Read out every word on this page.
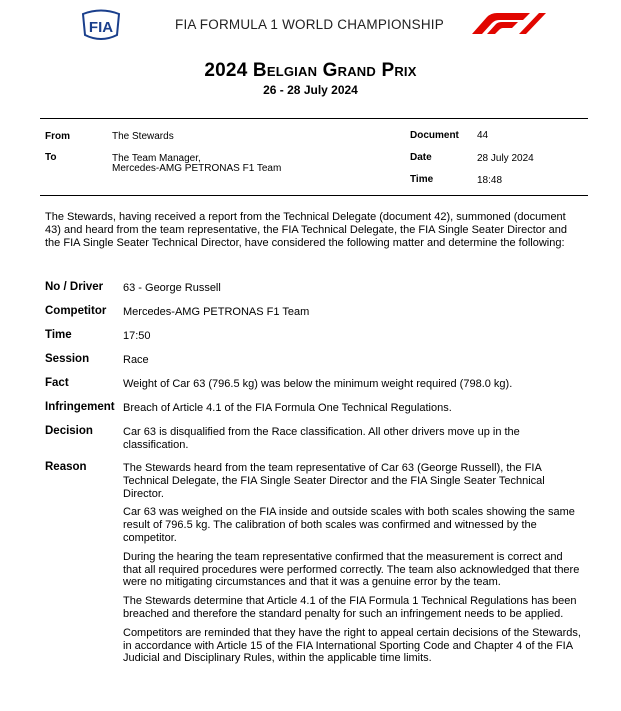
FIA	FIA FORMULA 1 WORLD CHAMPIONSHIP
2024 Belgian Grand Prix
26 - 28 July 2024
From	The Stewards
To	The Team Manager,
Mercedes-AMG PETRONAS F1 Team
Document 44
Date	28 July 2024
Time	18:48
The Stewards, having received a report from the Technical Delegate (document 42), summoned (document 43) and heard from the team representative, the FIA Technical Delegate, the FIA Single Seater Director and the FIA Single Seater Technical Director, have considered the following matter and determine the following:
No / Driver 63 - George Russell
Competitor Mercedes-AMG PETRONAS F1 Team
Time	17:50
Session	Race
Fact	Weight of Car 63 (796.5 kg) was below the minimum weight required (798.0 kg).
Infringement Breach of Article 4.1 of the FIA Formula One Technical Regulations.
Decision	Car 63 is disqualified from the Race classification. All other drivers move up in the classification.
Reason	The Stewards heard from the team representative of Car 63 (George Russell), the FIA Technical Delegate, the FIA Single Seater Director and the FIA Single Seater Technical Director.

Car 63 was weighed on the FIA inside and outside scales with both scales showing the same result of 796.5 kg. The calibration of both scales was confirmed and witnessed by the competitor.

During the hearing the team representative confirmed that the measurement is correct and that all required procedures were performed correctly. The team also acknowledged that there were no mitigating circumstances and that it was a genuine error by the team.

The Stewards determine that Article 4.1 of the FIA Formula 1 Technical Regulations has been breached and therefore the standard penalty for such an infringement needs to be applied.

Competitors are reminded that they have the right to appeal certain decisions of the Stewards, in accordance with Article 15 of the FIA International Sporting Code and Chapter 4 of the FIA Judicial and Disciplinary Rules, within the applicable time limits.
